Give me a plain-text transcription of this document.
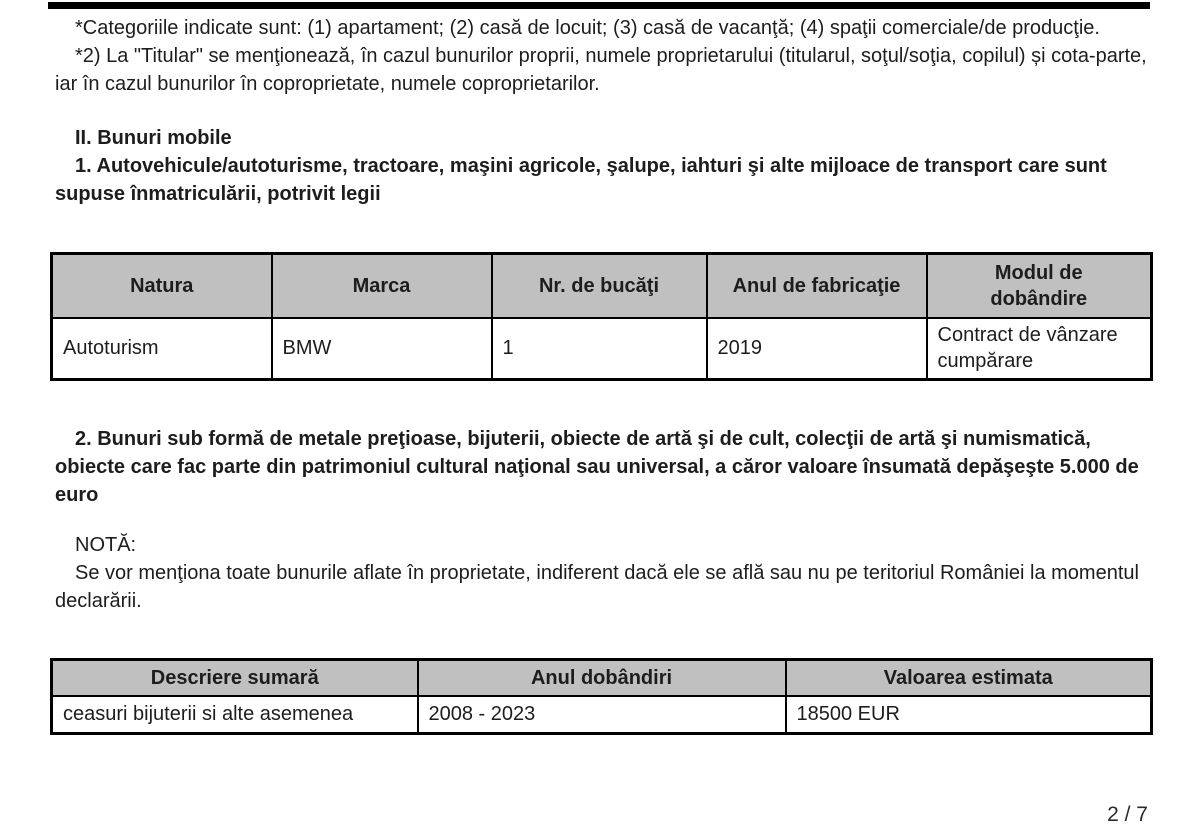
*Categoriile indicate sunt: (1) apartament; (2) casă de locuit; (3) casă de vacanţă; (4) spaţii comerciale/de producţie.

*2) La "Titular" se menţionează, în cazul bunurilor proprii, numele proprietarului (titularul, soţul/soţia, copilul) și cota-parte, iar în cazul bunurilor în coproprietate, numele coproprietarilor.

II. Bunuri mobile

1. Autovehicule/autoturisme, tractoare, maşini agricole, şalupe, iahturi şi alte mijloace de transport care sunt supuse înmatriculării, potrivit legii

Natura	Marca	Nr. de bucăţi	Anul de fabricaţie	Modul de dobândire

Autoturism	BMW	1	2019	Contract de vânzare cumpărare

2. Bunuri sub formă de metale preţioase, bijuterii, obiecte de artă şi de cult, colecţii de artă şi numismatică, obiecte care fac parte din patrimoniul cultural naţional sau universal, a căror valoare însumată depăşeşte 5.000 de euro

NOTĂ:

Se vor menţiona toate bunurile aflate în proprietate, indiferent dacă ele se află sau nu pe teritoriul României la momentul declarării.

Descriere sumară	Anul dobândiri	Valoarea estimata
ceasuri bijuterii si alte asemenea	2008 - 2023	18500 EUR
2 / 7
